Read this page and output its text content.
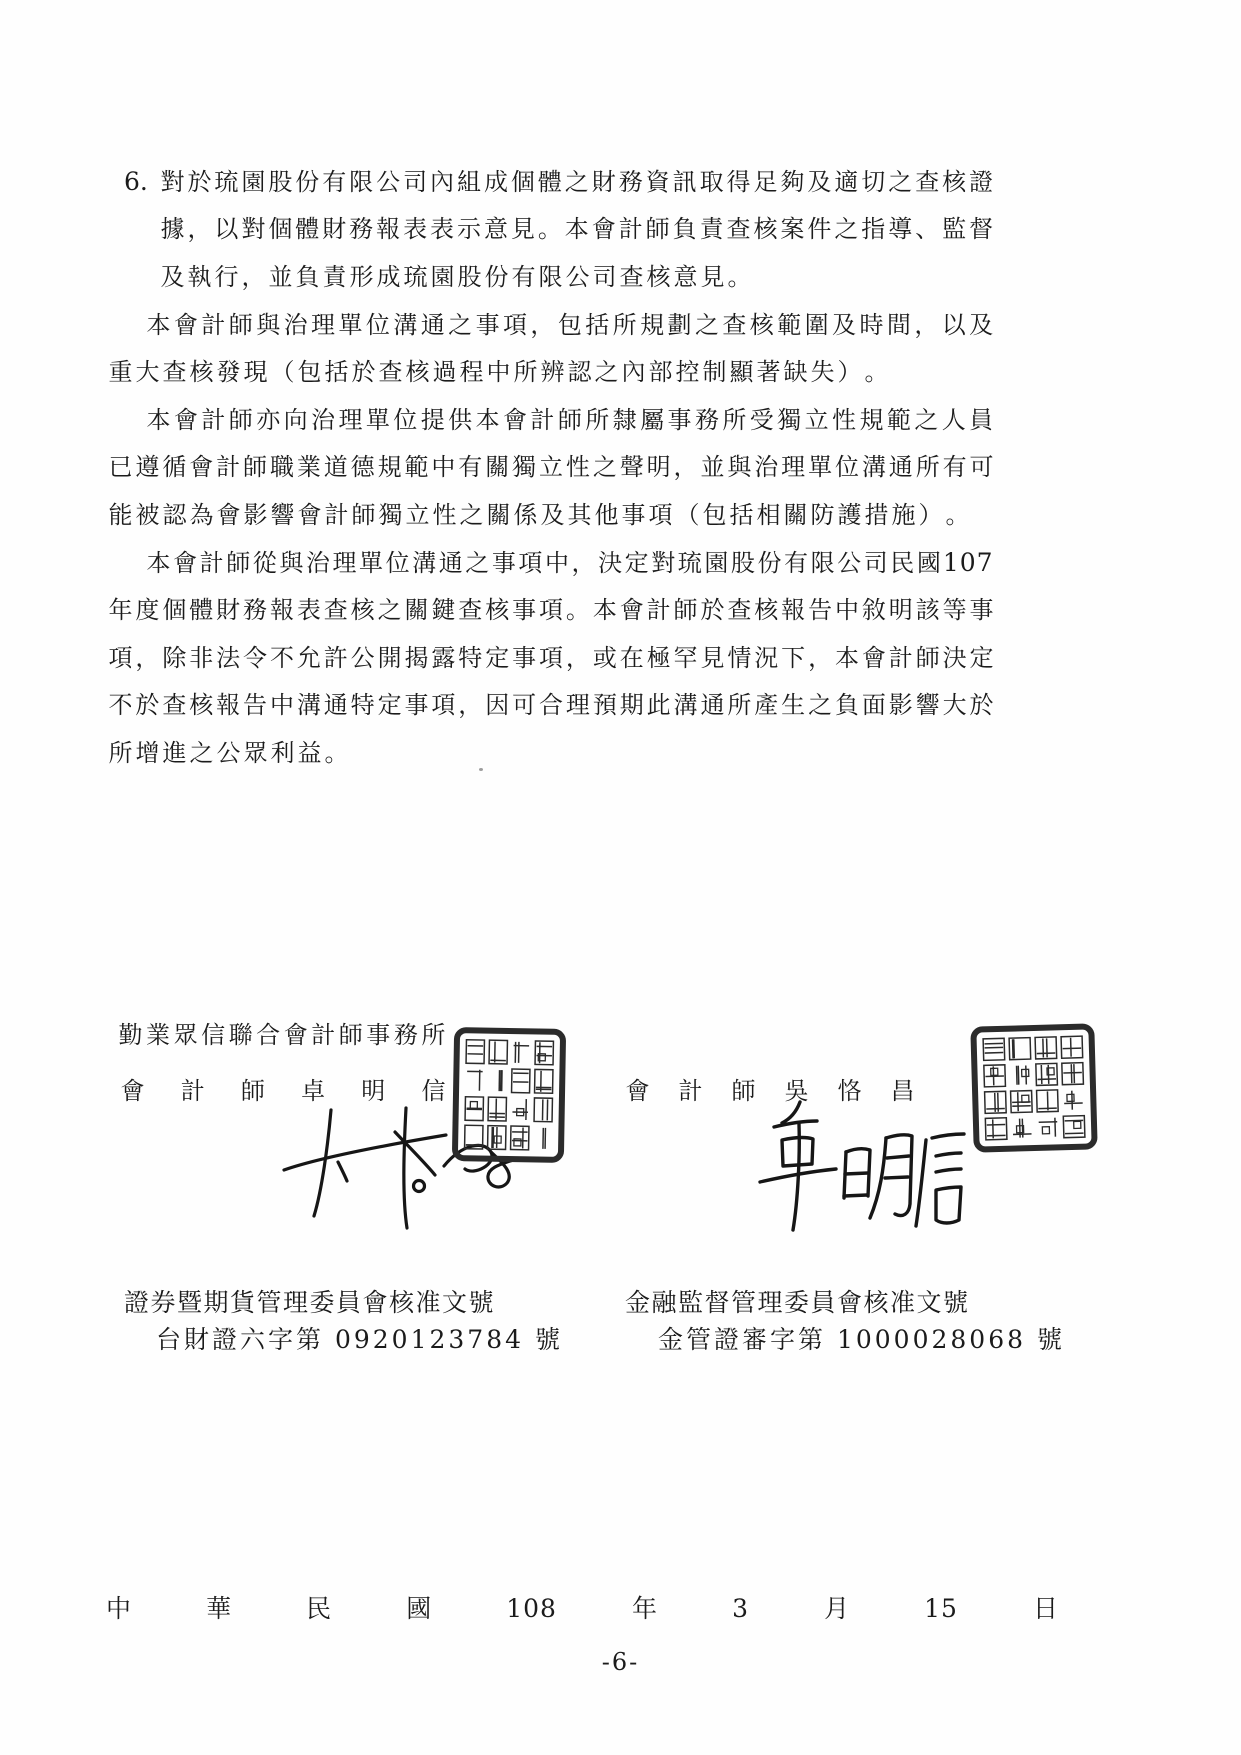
6. 對 於 琉 園 股 份 有 限 公 司 內 組 成 個 體 之 財 務 資 訊 取 得 足 夠 及 適 切 之 查 核 證
據 ， 以 對 個 體 財 務 報 表 表 示 意 見 。 本 會 計 師 負 責 查 核 案 件 之 指 導 、 監 督
及 執 行 ， 並 負 責 形 成 琉 園 股 份 有 限 公 司 查 核 意 見 。
本 會 計 師 與 治 理 單 位 溝 通 之 事 項 ， 包 括 所 規 劃 之 查 核 範 圍 及 時 間 ， 以 及
重 大 查 核 發 現 （ 包 括 於 查 核 過 程 中 所 辨 認 之 內 部 控 制 顯 著 缺 失 ） 。
本 會 計 師 亦 向 治 理 單 位 提 供 本 會 計 師 所 隸 屬 事 務 所 受 獨 立 性 規 範 之 人 員
已 遵 循 會 計 師 職 業 道 德 規 範 中 有 關 獨 立 性 之 聲 明 ， 並 與 治 理 單 位 溝 通 所 有 可
能 被 認 為 會 影 響 會 計 師 獨 立 性 之 關 係 及 其 他 事 項 （ 包 括 相 關 防 護 措 施 ） 。
本 會 計 師 從 與 治 理 單 位 溝 通 之 事 項 中 ， 決 定 對 琉 園 股 份 有 限 公 司 民 國 107
年 度 個 體 財 務 報 表 查 核 之 關 鍵 查 核 事 項 。 本 會 計 師 於 查 核 報 告 中 敘 明 該 等 事
項 ， 除 非 法 令 不 允 許 公 開 揭 露 特 定 事 項 ， 或 在 極 罕 見 情 況 下 ， 本 會 計 師 決 定
不 於 查 核 報 告 中 溝 通 特 定 事 項 ， 因 可 合 理 預 期 此 溝 通 所 產 生 之 負 面 影 響 大 於
所 增 進 之 公 眾 利 益 。
勤 業 眾 信 聯 合 會 計 師 事 務 所
會 計 師 卓 明 信	會 計 師 吳 恪 昌
證券暨期貨管理委員會核准文號
台財證六字第 0920123784 號
金融監督管理委員會核准文號
金管證審字第 1000028068 號
中	華	民	國	108	年	3	月	15	日
-6-
